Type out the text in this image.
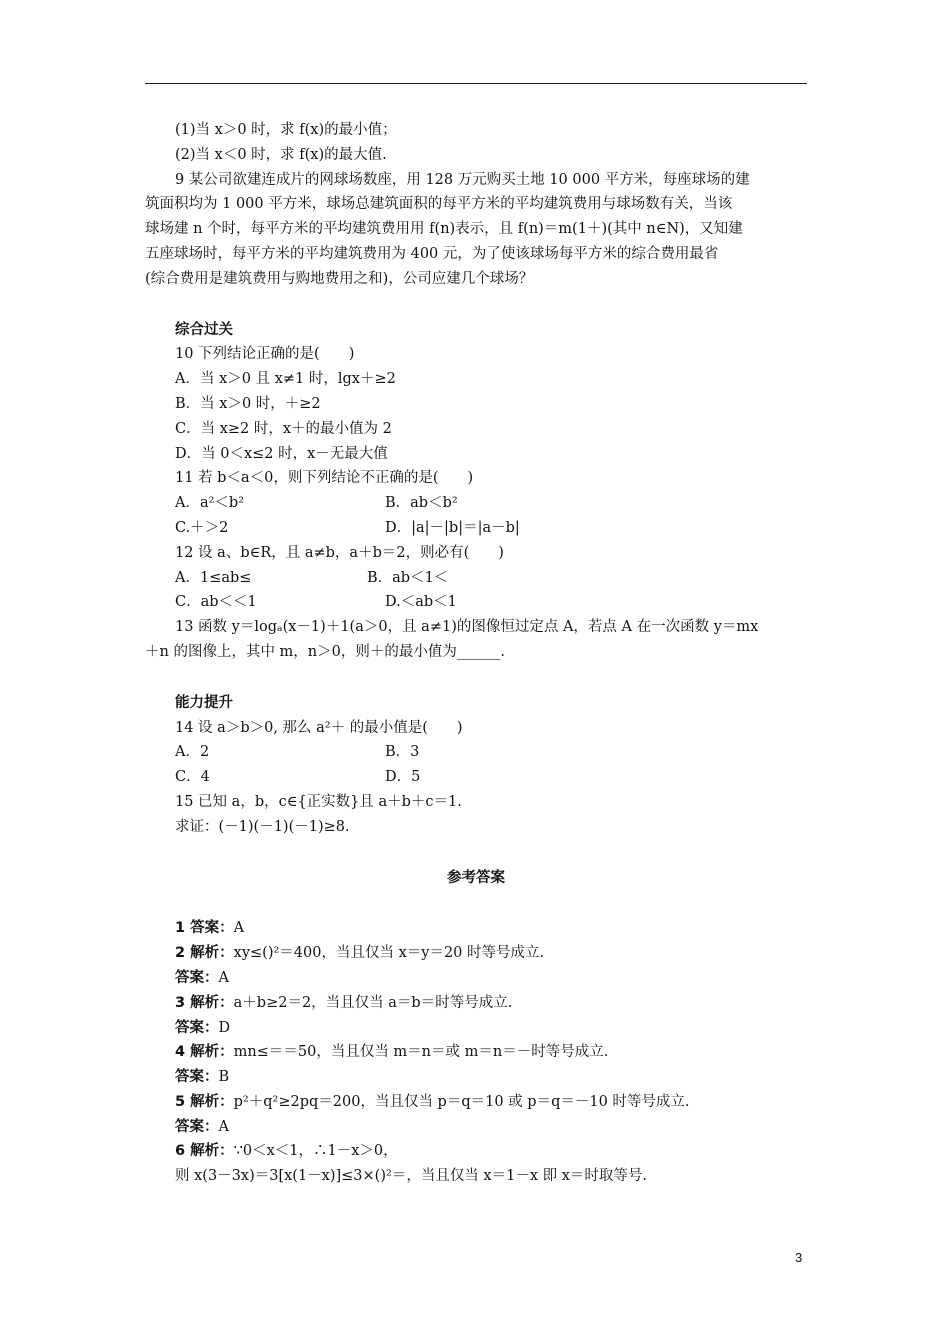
(1)当 x＞0 时，求 f(x)的最小值；
(2)当 x＜0 时，求 f(x)的最大值.
9 某公司欲建连成片的网球场数座，用 128 万元购买土地 10 000 平方米，每座球场的建
筑面积均为 1 000 平方米，球场总建筑面积的每平方米的平均建筑费用与球场数有关，当该
球场建 n 个时，每平方米的平均建筑费用用 f(n)表示，且 f(n)＝m(1＋)(其中 n∈N)，又知建
五座球场时，每平方米的平均建筑费用为 400 元，为了使该球场每平方米的综合费用最省
(综合费用是建筑费用与购地费用之和)，公司应建几个球场？
综合过关
10 下列结论正确的是(　　)
A．当 x＞0 且 x≠1 时，lgx＋≥2
B．当 x＞0 时，＋≥2
C．当 x≥2 时，x＋的最小值为 2
D．当 0＜x≤2 时，x－无最大值
11 若 b＜a＜0，则下列结论不正确的是(　　)
A．a²＜b²	B．ab＜b²
C.＋＞2	D．|a|－|b|＝|a－b|
12 设 a、b∈R，且 a≠b，a＋b＝2，则必有(　　)
A．1≤ab≤	B．ab＜1＜
C．ab＜＜1	D.＜ab＜1
13 函数 y＝logₐ(x－1)＋1(a＞0，且 a≠1)的图像恒过定点 A，若点 A 在一次函数 y＝mx
＋n 的图像上，其中 m，n＞0，则＋的最小值为______.
能力提升
14 设 a＞b＞0, 那么 a²＋ 的最小值是(　　)
A．2	B．3
C．4	D．5
15 已知 a，b，c∈{正实数}且 a＋b＋c＝1.
求证：(－1)(－1)(－1)≥8.
参考答案
1 答案：A
2 解析：xy≤()²＝400，当且仅当 x＝y＝20 时等号成立.
答案：A
3 解析：a＋b≥2＝2，当且仅当 a＝b＝时等号成立.
答案：D
4 解析：mn≤＝＝50，当且仅当 m＝n＝或 m＝n＝－时等号成立.
答案：B
5 解析：p²＋q²≥2pq＝200，当且仅当 p＝q＝10 或 p＝q＝－10 时等号成立.
答案：A
6 解析：∵0＜x＜1，∴1－x＞0，
则 x(3－3x)＝3[x(1－x)]≤3×()²＝，当且仅当 x＝1－x 即 x＝时取等号.
3
